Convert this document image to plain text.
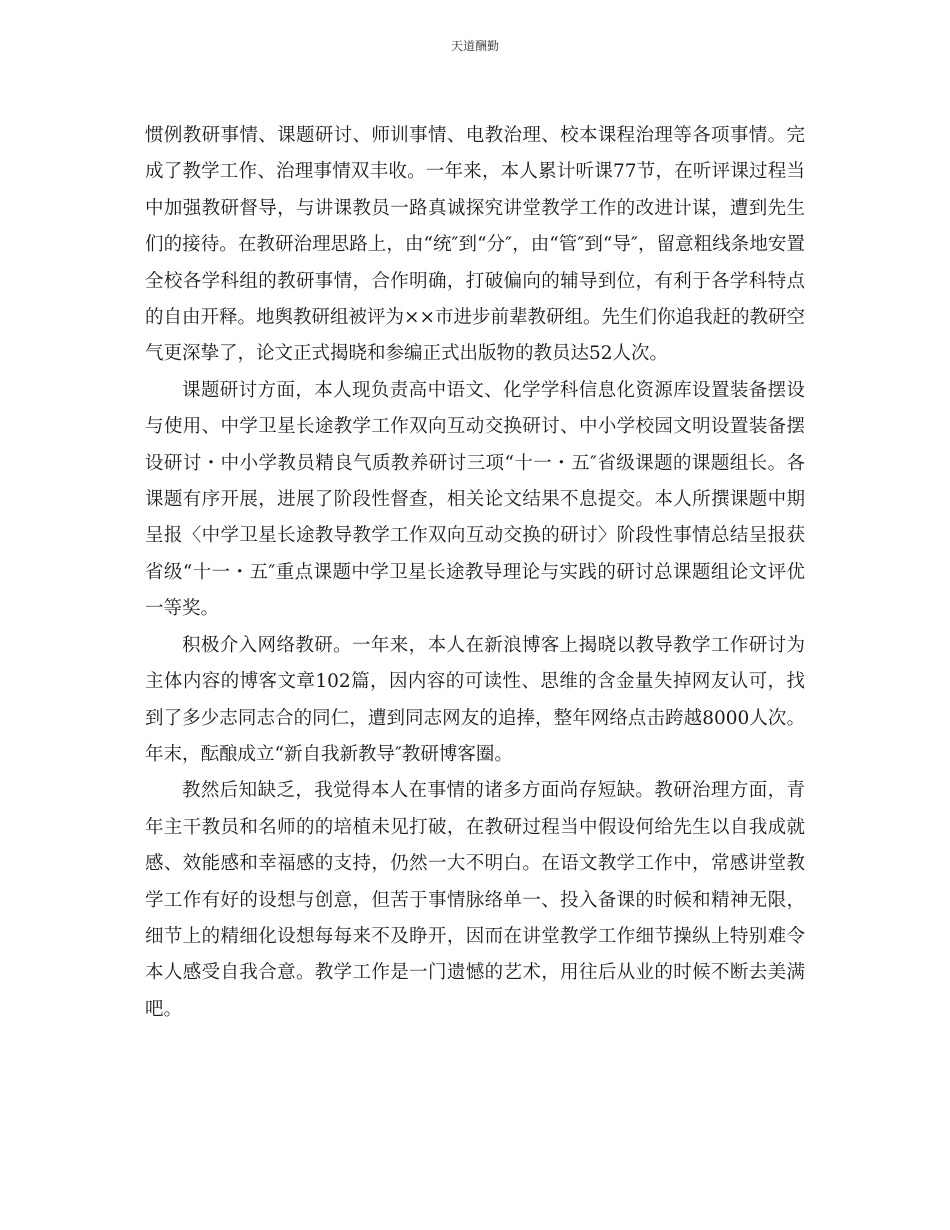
天道酬勤

惯例教研事情、课题研讨、师训事情、电教治理、校本课程治理等各项事情。完成了教学工作、治理事情双丰收。一年来，本人累计听课77节，在听评课过程当中加强教研督导，与讲课教员一路真诚探究讲堂教学工作的改进计谋，遭到先生们的接待。在教研治理思路上，由“统″到“分″，由“管″到“导″，留意粗线条地安置全校各学科组的教研事情，合作明确，打破偏向的辅导到位，有利于各学科特点的自由开释。地舆教研组被评为××市进步前辈教研组。先生们你追我赶的教研空气更深挚了，论文正式揭晓和参编正式出版物的教员达52人次。

课题研讨方面，本人现负责高中语文、化学学科信息化资源库设置装备摆设与使用、中学卫星长途教学工作双向互动交换研讨、中小学校园文明设置装备摆设研讨・中小学教员精良气质教养研讨三项“十一・五″省级课题的课题组长。各课题有序开展，进展了阶段性督查，相关论文结果不息提交。本人所撰课题中期呈报〈中学卫星长途教导教学工作双向互动交换的研讨〉阶段性事情总结呈报获省级“十一・五″重点课题中学卫星长途教导理论与实践的研讨总课题组论文评优一等奖。

积极介入网络教研。一年来，本人在新浪博客上揭晓以教导教学工作研讨为主体内容的博客文章102篇，因内容的可读性、思维的含金量失掉网友认可，找到了多少志同志合的同仁，遭到同志网友的追捧，整年网络点击跨越8000人次。年末，酝酿成立“新自我新教导″教研博客圈。

教然后知缺乏，我觉得本人在事情的诸多方面尚存短缺。教研治理方面，青年主干教员和名师的的培植未见打破，在教研过程当中假设何给先生以自我成就感、效能感和幸福感的支持，仍然一大不明白。在语文教学工作中，常感讲堂教学工作有好的设想与创意，但苦于事情脉络单一、投入备课的时候和精神无限，细节上的精细化设想每每来不及睁开，因而在讲堂教学工作细节操纵上特别难令本人感受自我合意。教学工作是一门遗憾的艺术，用往后从业的时候不断去美满吧。
